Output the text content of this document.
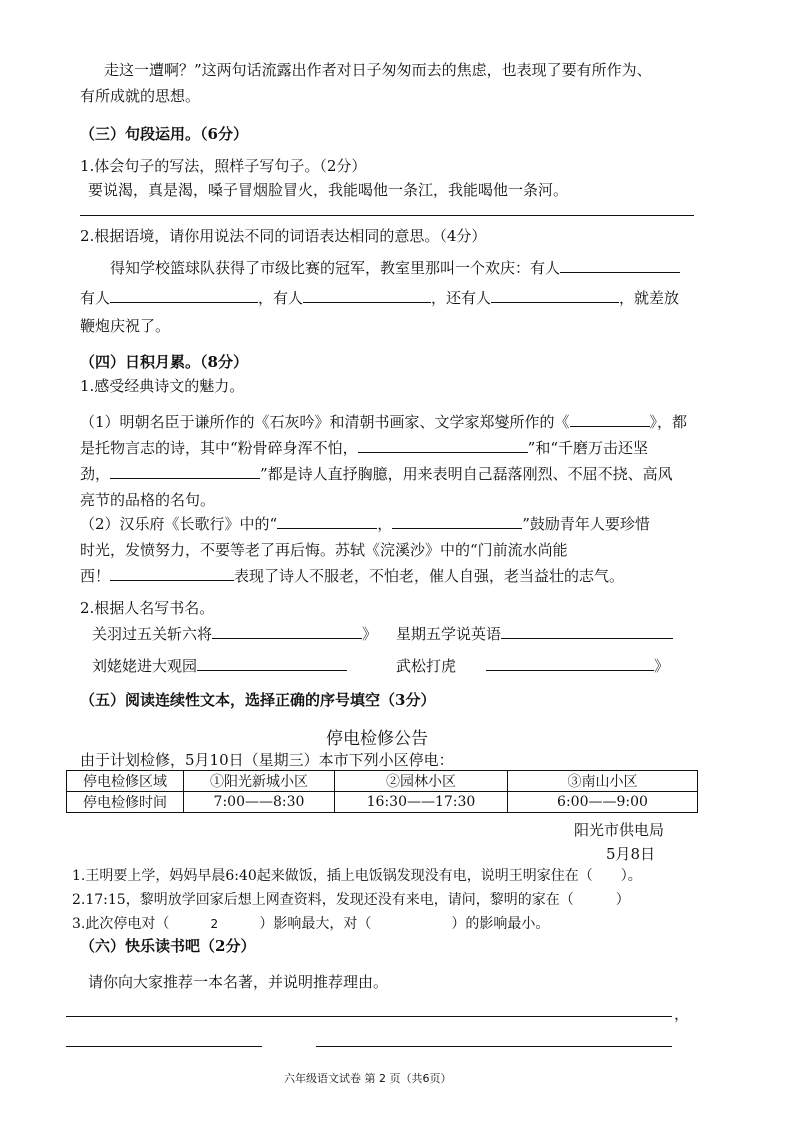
走这一遭啊？”这两句话流露出作者对日子匆匆而去的焦虑，也表现了要有所作为、
有所成就的思想。
（三）句段运用。（6分）
1.体会句子的写法，照样子写句子。（2分）
要说渴，真是渴，嗓子冒烟脸冒火，我能喝他一条江，我能喝他一条河。
2.根据语境，请你用说法不同的词语表达相同的意思。（4分）
得知学校篮球队获得了市级比赛的冠军，教室里那叫一个欢庆：有人
有人	，有人	，还有人	，就差放
鞭炮庆祝了。
（四）日积月累。（8分）
1.感受经典诗文的魅力。
（1）明朝名臣于谦所作的《石灰吟》和清朝书画家、文学家郑燮所作的《	》，都
是托物言志的诗，其中“粉骨碎身浑不怕，	”和“千磨万击还坚
劲，	”都是诗人直抒胸臆，用来表明自己磊落刚烈、不屈不挠、高风
亮节的品格的名句。
（2）汉乐府《长歌行》中的“	，	”鼓励青年人要珍惜
时光，发愤努力，不要等老了再后悔。苏轼《浣溪沙》中的“门前流水尚能
西！	表现了诗人不服老，不怕老，催人自强，老当益壮的志气。
2.根据人名写书名。
关羽过五关斩六将	》 星期五学说英语
刘姥姥进大观园	武松打虎	》
（五）阅读连续性文本，选择正确的序号填空（3分）
停电检修公告
由于计划检修，5月10日（星期三）本市下列小区停电：
停电检修区域	①阳光新城小区	②园林小区	③南山小区
停电检修时间	7:00——8:30	16:30——17:30	6:00——9:00
阳光市供电局
5月8日
1.王明要上学，妈妈早晨6:40起来做饭，插上电饭锅发现没有电，说明王明家住在（　　）。
2.17:15，黎明放学回家后想上网查资料，发现还没有来电，请问，黎明的家在（　　　）
3.此次停电对（	2	）影响最大，对（	）的影响最小。
（六）快乐读书吧（2分）
请你向大家推荐一本名著，并说明推荐理由。
，
六年级语文试卷 第 2 页（共6页）
